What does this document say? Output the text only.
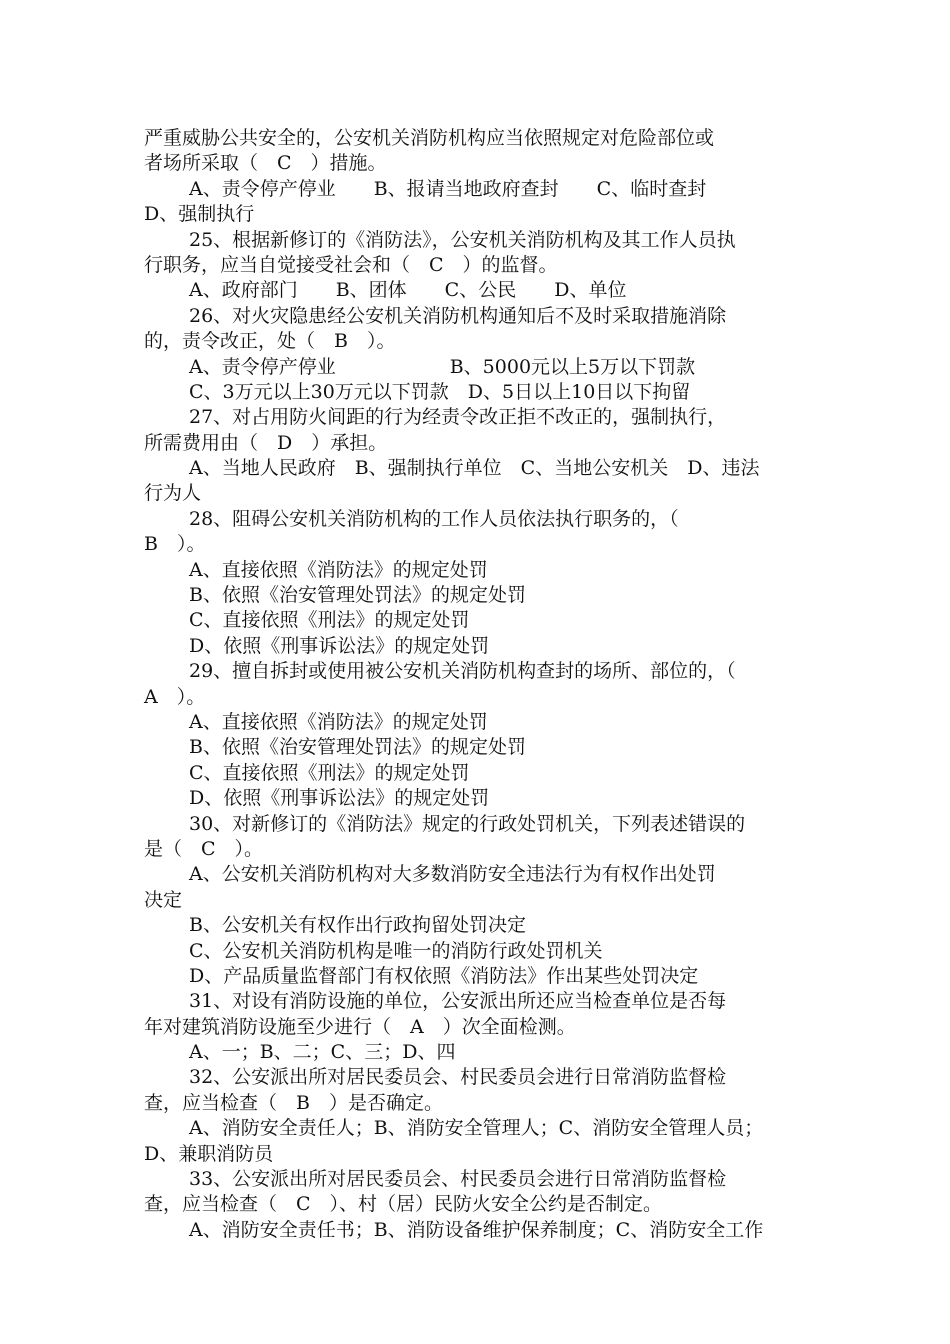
严重威胁公共安全的，公安机关消防机构应当依照规定对危险部位或
者场所采取（　C　）措施。
A、责令停产停业　　B、报请当地政府查封　　C、临时查封
D、强制执行
25、根据新修订的《消防法》，公安机关消防机构及其工作人员执
行职务，应当自觉接受社会和（　C　）的监督。
A、政府部门　　B、团体　　C、公民　　D、单位
26、对火灾隐患经公安机关消防机构通知后不及时采取措施消除
的，责令改正，处（　B　）。
A、责令停产停业　　　　　　B、5000元以上5万以下罚款
C、3万元以上30万元以下罚款　D、5日以上10日以下拘留
27、对占用防火间距的行为经责令改正拒不改正的，强制执行，
所需费用由（　D　）承担。
A、当地人民政府　B、强制执行单位　C、当地公安机关　D、违法
行为人
28、阻碍公安机关消防机构的工作人员依法执行职务的，（
B　）。
A、直接依照《消防法》的规定处罚
B、依照《治安管理处罚法》的规定处罚
C、直接依照《刑法》的规定处罚
D、依照《刑事诉讼法》的规定处罚
29、擅自拆封或使用被公安机关消防机构查封的场所、部位的，（
A　）。
A、直接依照《消防法》的规定处罚
B、依照《治安管理处罚法》的规定处罚
C、直接依照《刑法》的规定处罚
D、依照《刑事诉讼法》的规定处罚
30、对新修订的《消防法》规定的行政处罚机关，下列表述错误的
是（　C　）。
A、公安机关消防机构对大多数消防安全违法行为有权作出处罚
决定
B、公安机关有权作出行政拘留处罚决定
C、公安机关消防机构是唯一的消防行政处罚机关
D、产品质量监督部门有权依照《消防法》作出某些处罚决定
31、对设有消防设施的单位，公安派出所还应当检查单位是否每
年对建筑消防设施至少进行（　A　）次全面检测。
A、一；B、二；C、三；D、四
32、公安派出所对居民委员会、村民委员会进行日常消防监督检
查，应当检查（　B　）是否确定。
A、消防安全责任人；B、消防安全管理人；C、消防安全管理人员；
D、兼职消防员
33、公安派出所对居民委员会、村民委员会进行日常消防监督检
查，应当检查（　C　）、村（居）民防火安全公约是否制定。
A、消防安全责任书；B、消防设备维护保养制度；C、消防安全工作
